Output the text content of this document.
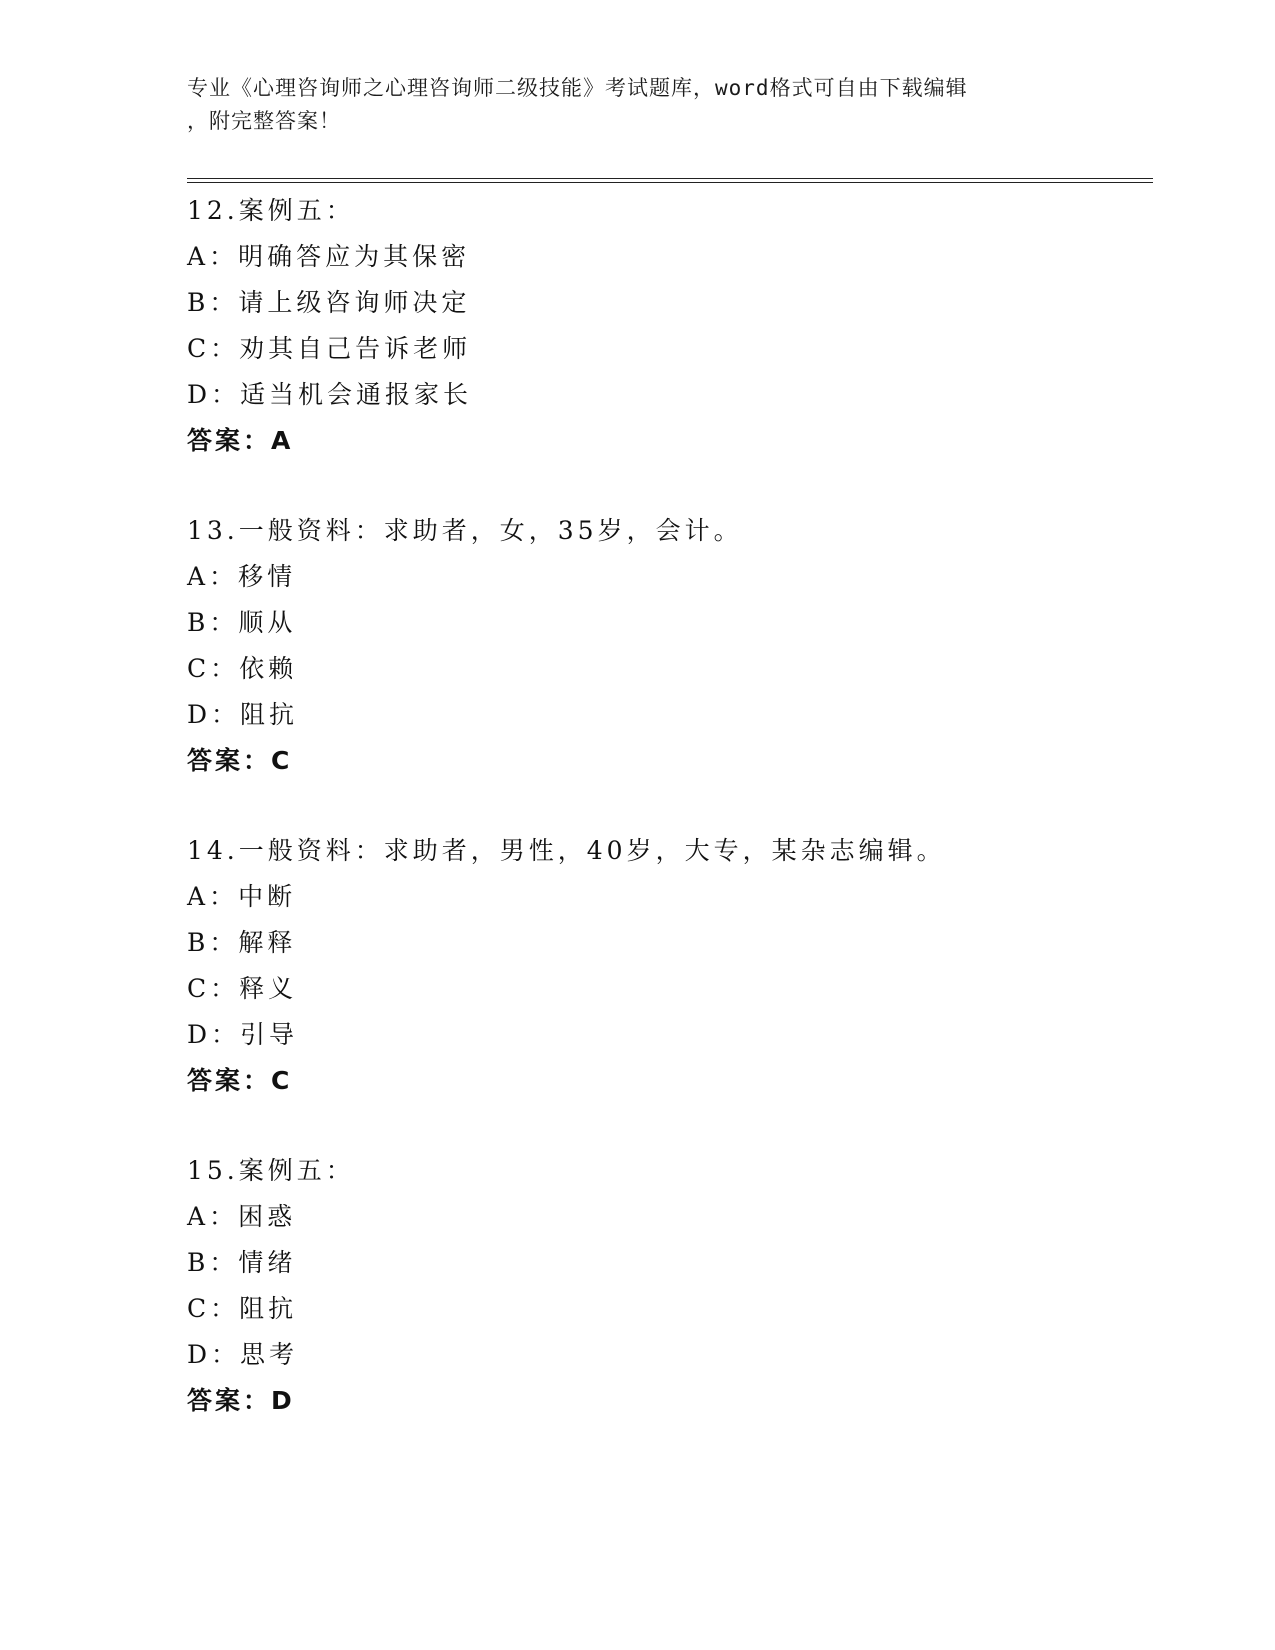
专业《心理咨询师之心理咨询师二级技能》考试题库，word格式可自由下载编辑
，附完整答案！
12.案例五：
A：明确答应为其保密
B：请上级咨询师决定
C：劝其自己告诉老师
D：适当机会通报家长
答案：A
13.一般资料：求助者，女，35岁，会计。
A：移情
B：顺从
C：依赖
D：阻抗
答案：C
14.一般资料：求助者，男性，40岁，大专，某杂志编辑。
A：中断
B：解释
C：释义
D：引导
答案：C
15.案例五：
A：困惑
B：情绪
C：阻抗
D：思考
答案：D
